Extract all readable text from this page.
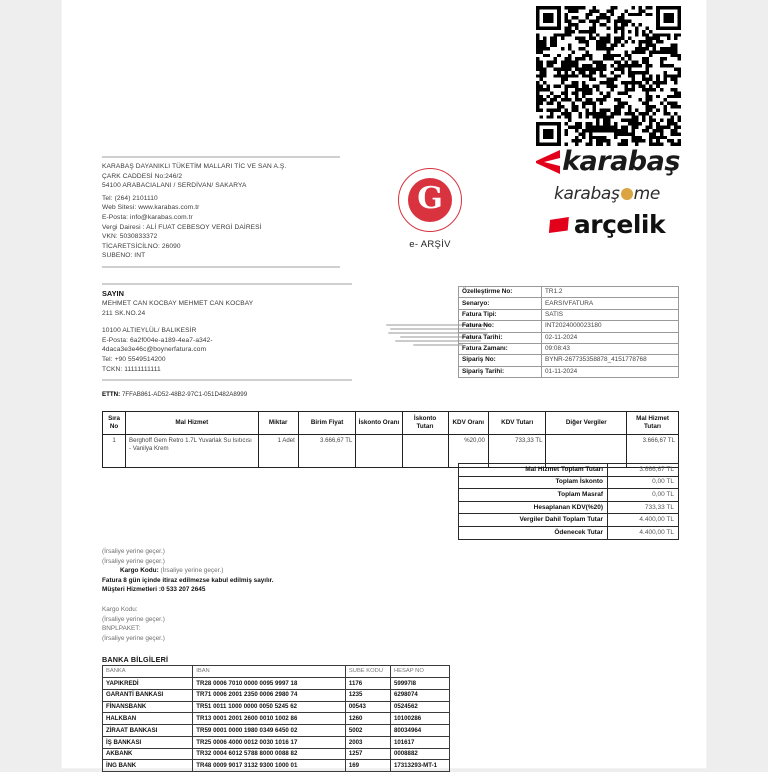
karabaş
karaba ş me
arçelik
G
e- ARŞİV
KARABAŞ DAYANIKLI TÜKETİM MALLARI TİC VE SAN A.Ş.
ÇARK CADDESİ No:246/2
54100 ARABACIALANI / SERDİVAN/ SAKARYA
Tel: (264) 2101110
Web Sitesi: www.karabas.com.tr
E-Posta: info@karabas.com.tr
Vergi Dairesi : ALİ FUAT CEBESOY VERGİ DAİRESİ
VKN: 5030833372
TİCARETSİCİLNO: 26090
SUBENO: INT
SAYIN
MEHMET CAN KOCBAY MEHMET CAN KOCBAY
211 SK.NO.24
10100 ALTIEYLÜL/ BALIKESİR
E-Posta: 6a2f004e-a189-4ea7-a342-
4daca3e3e46c@boynerfatura.com
Tel: +90 5549514200
TCKN: 11111111111
ETTN: 7FFAB861-AD52-48B2-97C1-051D482A8999
Özelleştirme No:	TR1.2
Senaryo:	EARSIVFATURA
Fatura Tipi:	SATIS
Fatura No:	INT2024000023180
Fatura Tarihi:	02-11-2024
Fatura Zamanı:	09:08:43
Sipariş No:	BYNR-267735358878_4151778768
Sipariş Tarihi:	01-11-2024
Sıra No	Mal Hizmet	Miktar	Birim Fiyat	İskonto Oranı	İskonto Tutarı	KDV Oranı	KDV Tutarı	Diğer Vergiler	Mal Hizmet Tutarı
1	Berghoff Gem Retro 1.7L Yuvarlak Su Isıtıcısı - Vanilya Krem	1 Adet	3.666,67 TL			%20,00	733,33 TL		3.666,67 TL
Mal Hizmet Toplam Tutarı	3.666,67 TL
Toplam İskonto	0,00 TL
Toplam Masraf	0,00 TL
Hesaplanan KDV(%20)	733,33 TL
Vergiler Dahil Toplam Tutar	4.400,00 TL
Ödenecek Tutar	4.400,00 TL
(İrsaliye yerine geçer.)
(İrsaliye yerine geçer.)
Kargo Kodu: (İrsaliye yerine geçer.)
Fatura 8 gün içinde itiraz edilmezse kabul edilmiş sayılır.
Müşteri Hizmetleri :0 533 207 2645
Kargo Kodu:
(İrsaliye yerine geçer.)
BNPLPAKET:
(İrsaliye yerine geçer.)
BANKA BİLGİLERİ
BANKA	IBAN	SUBE KODU	HESAP NO
YAPIKREDİ	TR28 0006 7010 0000 0095 9997 18	1176	59997l8
GARANTİ BANKASI	TR71 0006 2001 2350 0006 2980 74	1235	6298074
FİNANSBANK	TR51 0011 1000 0000 0050 5245 62	00543	0524562
HALKBAN	TR13 0001 2001 2600 0010 1002 86	1260	10100286
ZİRAAT BANKASI	TR59 0001 0000 1980 0349 6450 02	5002	80034964
İŞ BANKASI	TR25 0006 4000 0012 0030 1016 17	2003	101617
AKBANK	TR32 0004 6012 5788 8000 0088 82	1257	0008882
İNG BANK	TR48 0009 9017 3132 9300 1000 01	169	17313293-MT-1
